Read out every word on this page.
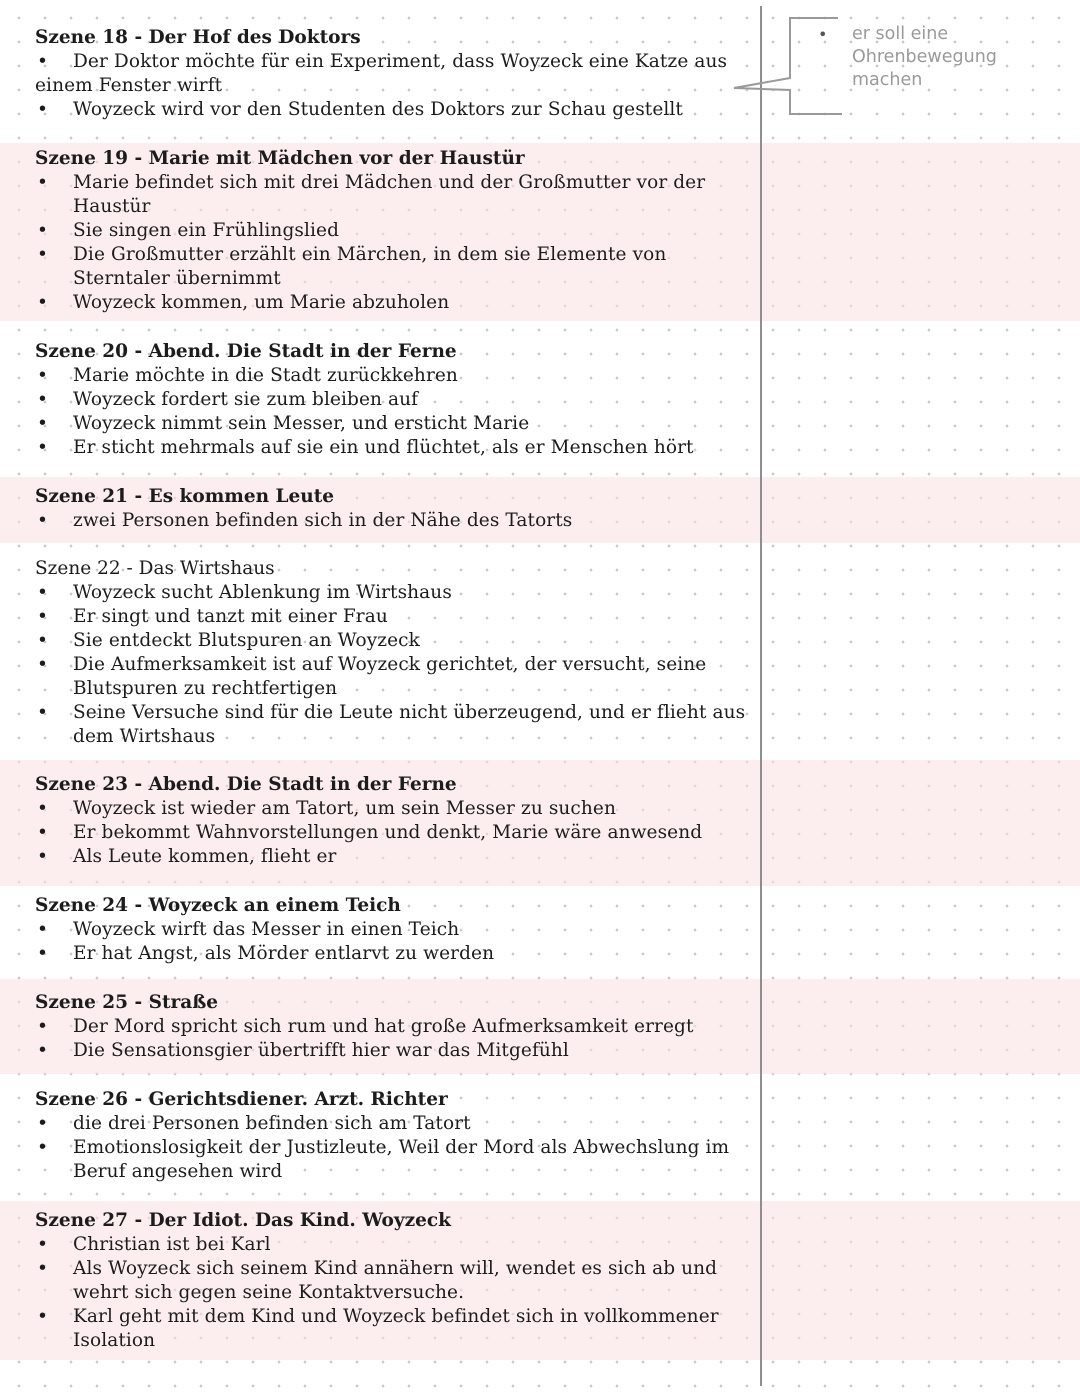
• er soll eine Ohrenbewegung machen
Szene 18 - Der Hof des Doktors
• Der Doktor möchte für ein Experiment, dass Woyzeck eine Katze aus einem Fenster wirft
• Woyzeck wird vor den Studenten des Doktors zur Schau gestellt
Szene 19 - Marie mit Mädchen vor der Haustür
• Marie befindet sich mit drei Mädchen und der Großmutter vor der Haustür
• Sie singen ein Frühlingslied
• Die Großmutter erzählt ein Märchen, in dem sie Elemente von Sterntaler übernimmt
• Woyzeck kommen, um Marie abzuholen
Szene 20 - Abend. Die Stadt in der Ferne
• Marie möchte in die Stadt zurückkehren
• Woyzeck fordert sie zum bleiben auf
• Woyzeck nimmt sein Messer, und ersticht Marie
• Er sticht mehrmals auf sie ein und flüchtet, als er Menschen hört
Szene 21 - Es kommen Leute
• zwei Personen befinden sich in der Nähe des Tatorts
Szene 22 - Das Wirtshaus
• Woyzeck sucht Ablenkung im Wirtshaus
• Er singt und tanzt mit einer Frau
• Sie entdeckt Blutspuren an Woyzeck
• Die Aufmerksamkeit ist auf Woyzeck gerichtet, der versucht, seine Blutspuren zu rechtfertigen
• Seine Versuche sind für die Leute nicht überzeugend, und er flieht aus dem Wirtshaus
Szene 23 - Abend. Die Stadt in der Ferne
• Woyzeck ist wieder am Tatort, um sein Messer zu suchen
• Er bekommt Wahnvorstellungen und denkt, Marie wäre anwesend
• Als Leute kommen, flieht er
Szene 24 - Woyzeck an einem Teich
• Woyzeck wirft das Messer in einen Teich
• Er hat Angst, als Mörder entlarvt zu werden
Szene 25 - Straße
• Der Mord spricht sich rum und hat große Aufmerksamkeit erregt
• Die Sensationsgier übertrifft hier war das Mitgefühl
Szene 26 - Gerichtsdiener. Arzt. Richter
• die drei Personen befinden sich am Tatort
• Emotionslosigkeit der Justizleute, Weil der Mord als Abwechslung im Beruf angesehen wird
Szene 27 - Der Idiot. Das Kind. Woyzeck
• Christian ist bei Karl
• Als Woyzeck sich seinem Kind annähern will, wendet es sich ab und wehrt sich gegen seine Kontaktversuche.
• Karl geht mit dem Kind und Woyzeck befindet sich in vollkommener Isolation
